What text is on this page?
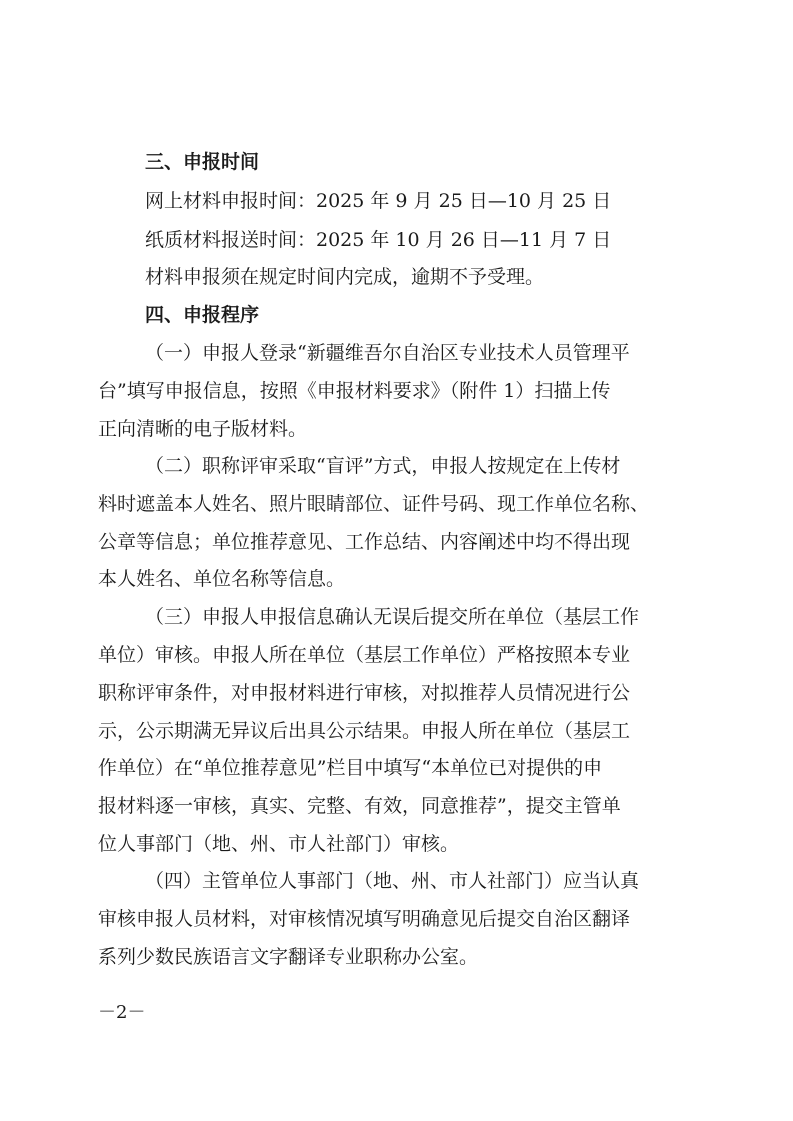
三、申报时间
网上材料申报时间：2025 年 9 月 25 日—10 月 25 日
纸质材料报送时间：2025 年 10 月 26 日—11 月 7 日
材料申报须在规定时间内完成，逾期不予受理。
四、申报程序
（一）申报人登录“新疆维吾尔自治区专业技术人员管理平
台”填写申报信息，按照《申报材料要求》（附件 1）扫描上传
正向清晰的电子版材料。
（二）职称评审采取“盲评”方式，申报人按规定在上传材
料时遮盖本人姓名、照片眼睛部位、证件号码、现工作单位名称、
公章等信息；单位推荐意见、工作总结、内容阐述中均不得出现
本人姓名、单位名称等信息。
（三）申报人申报信息确认无误后提交所在单位（基层工作
单位）审核。申报人所在单位（基层工作单位）严格按照本专业
职称评审条件，对申报材料进行审核，对拟推荐人员情况进行公
示，公示期满无异议后出具公示结果。申报人所在单位（基层工
作单位）在“单位推荐意见”栏目中填写“本单位已对提供的申
报材料逐一审核，真实、完整、有效，同意推荐”，提交主管单
位人事部门（地、州、市人社部门）审核。
（四）主管单位人事部门（地、州、市人社部门）应当认真
审核申报人员材料，对审核情况填写明确意见后提交自治区翻译
系列少数民族语言文字翻译专业职称办公室。
－2－
